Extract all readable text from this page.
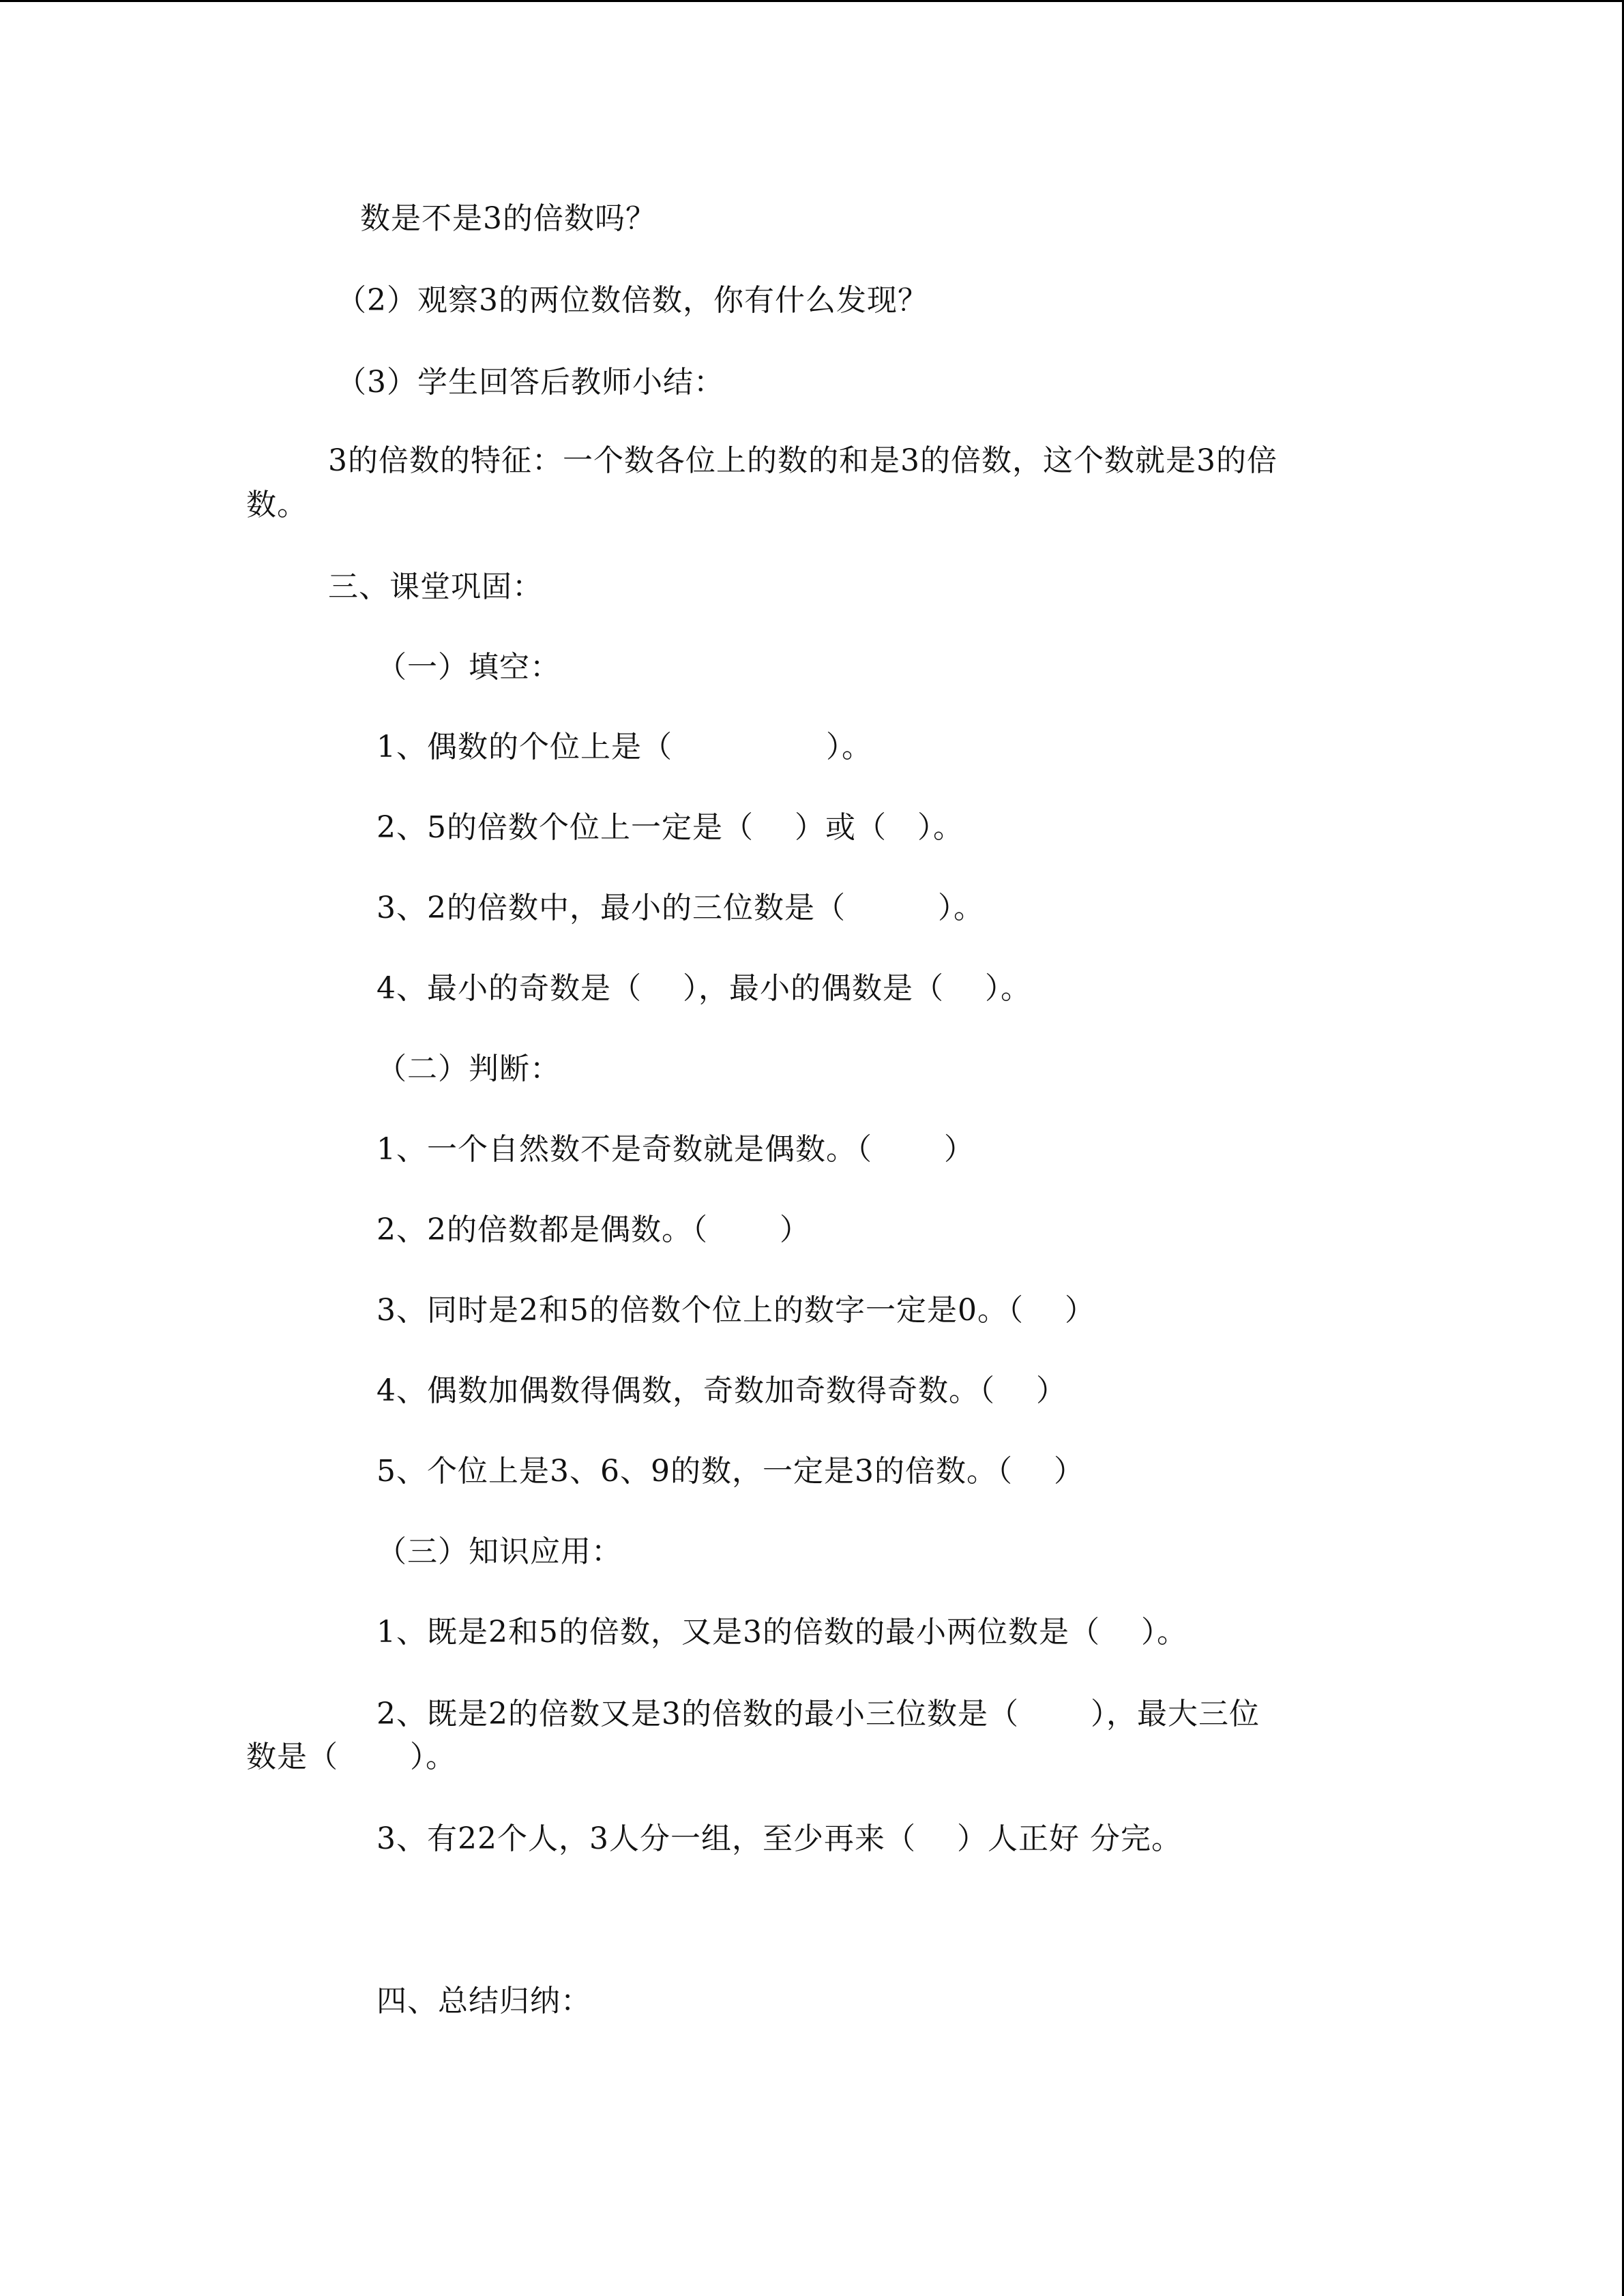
数是不是3的倍数吗？
（2）观察3的两位数倍数，你有什么发现？
（3）学生回答后教师小结：
3的倍数的特征：一个数各位上的数的和是3的倍数，这个数就是3的倍
数。
三、课堂巩固：
（一）填空：
1、偶数的个位上是（　　　　　）。
2、5的倍数个位上一定是（　 ）或（　）。
3、2的倍数中，最小的三位数是（　　　）。
4、最小的奇数是（　 ），最小的偶数是（　 ）。
（二）判断：
1、一个自然数不是奇数就是偶数。（　　 ）
2、2的倍数都是偶数。（　　 ）
3、同时是2和5的倍数个位上的数字一定是0。（　 ）
4、偶数加偶数得偶数，奇数加奇数得奇数。（　 ）
5、个位上是3、6、9的数，一定是3的倍数。（　 ）
（三）知识应用：
1、既是2和5的倍数，又是3的倍数的最小两位数是（　 ）。
2、既是2的倍数又是3的倍数的最小三位数是（　　 ），最大三位
数是（　　 ）。
3、有22个人，3人分一组，至少再来（　 ）人正好 分完。
四、总结归纳：
